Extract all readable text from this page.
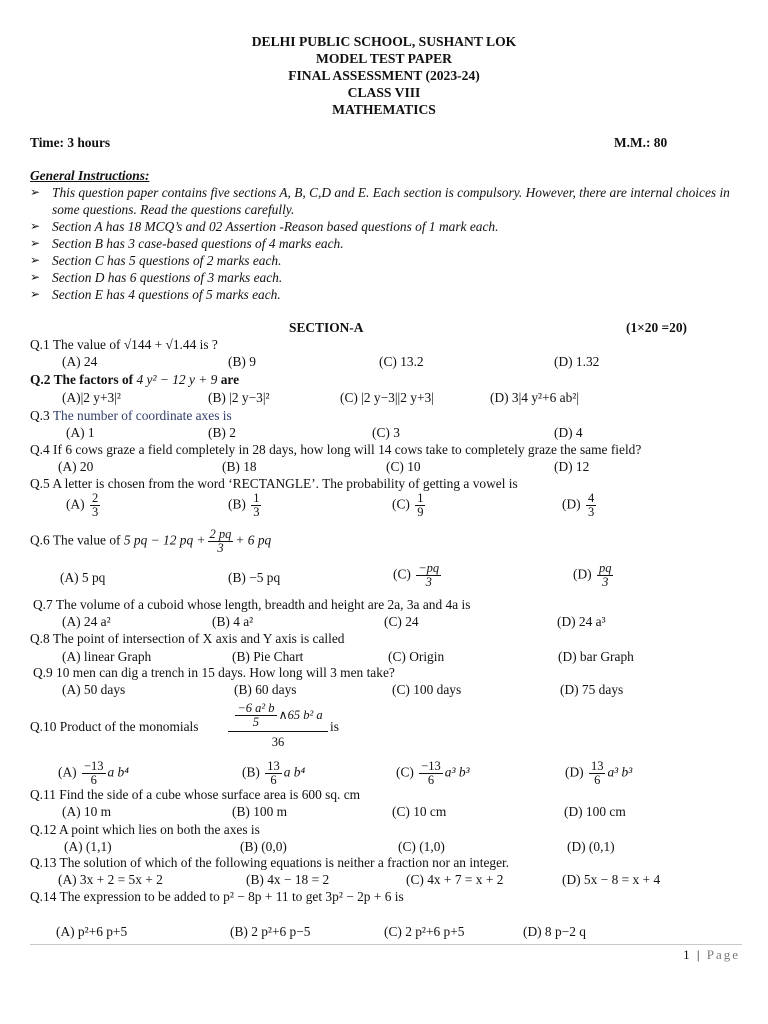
DELHI PUBLIC SCHOOL, SUSHANT LOK
MODEL TEST PAPER
FINAL ASSESSMENT (2023-24)
CLASS VIII
MATHEMATICS
Time: 3 hours	M.M.: 80
General Instructions:
➢ This question paper contains five sections A, B, C,D and E. Each section is compulsory. However, there are internal choices in some questions. Read the questions carefully.
➢ Section A has 18 MCQ’s and 02 Assertion -Reason based questions of 1 mark each.
➢ Section B has 3 case-based questions of 4 marks each.
➢ Section C has 5 questions of 2 marks each.
➢ Section D has 6 questions of 3 marks each.
➢ Section E has 4 questions of 5 marks each.
SECTION-A	(1×20 =20)
Q.1 The value of √144 + √1.44 is ?
(A) 24	(B) 9	(C) 13.2	(D) 1.32
Q.2 The factors of 4 y² − 12 y + 9 are
(A)|2 y+3|²	(B) |2 y−3|²	(C) |2 y−3||2 y+3|	(D) 3|4 y²+6 ab²|
Q.3 The number of coordinate axes is
(A) 1	(B) 2	(C) 3	(D) 4
Q.4 If 6 cows graze a field completely in 28 days, how long will 14 cows take to completely graze the same field?
(A) 20	(B) 18	(C) 10	(D) 12
Q.5 A letter is chosen from the word ‘RECTANGLE’. The probability of getting a vowel is
$(A) \frac{2}{3}$	$(B) \frac{1}{3}$	$(C) \frac{1}{9}$	$(D) \frac{4}{3}$
Q.6 The value of 5 pq − 12 pq + $\frac{2 pq}{3} + 6$ pq
(A) 5 pq	(B) −5 pq	$(C) \frac{-pq}{3}$	$(D) \frac{pq}{3}$
Q.7 The volume of a cuboid whose length, breadth and height are 2a, 3a and 4a is
(A) 24 a²	(B) 4 a²	(C) 24	(D) 24 a³
Q.8 The point of intersection of X axis and Y axis is called
(A) linear Graph	(B) Pie Chart	(C) Origin	(D) bar Graph
Q.9 10 men can dig a trench in 15 days. How long will 3 men take?
(A) 50 days	(B) 60 days	(C) 100 days	(D) 75 days
Q.10 Product of the monomials	$\frac{\text{−6 a² b}}{5}$ ∧65 b² a
36
is
$(A) \frac{-13}{6}$ a b⁴	$(B) \frac{13}{6}$ a b⁴	$(C) \frac{-13}{6} a^3$ b³	$(D) \frac{13}{6} a^3$ b³
Q.11 Find the side of a cube whose surface area is 600 sq. cm
(A) 10 m	(B) 100 m	(C) 10 cm	(D) 100 cm
Q.12 A point which lies on both the axes is
(A) (1,1)	(B) (0,0)	(C) (1,0)	(D) (0,1)
Q.13 The solution of which of the following equations is neither a fraction nor an integer.
(A) 3x + 2 = 5x + 2	(B) 4x − 18 = 2	(C) 4x + 7 = x + 2	(D) 5x − 8 = x + 4
Q.14 The expression to be added to p² − 8p + 11 to get 3p² − 2p + 6 is
(A) p²+6 p+5	(B) 2 p²+6 p−5	(C) 2 p²+6 p+5	(D) 8 p−2 q
1 | Page
